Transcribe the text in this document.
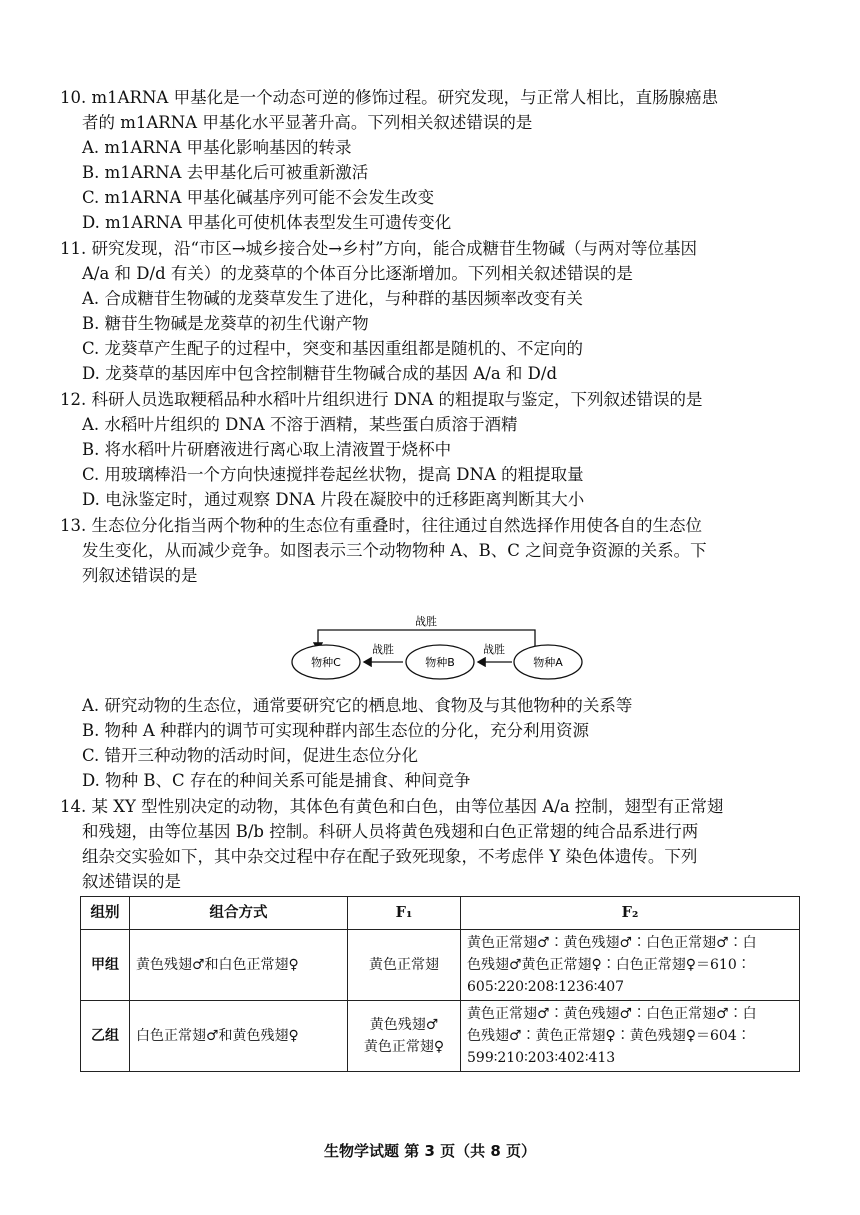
10. m1ARNA 甲基化是一个动态可逆的修饰过程。研究发现，与正常人相比，直肠腺癌患
者的 m1ARNA 甲基化水平显著升高。下列相关叙述错误的是
A. m1ARNA 甲基化影响基因的转录
B. m1ARNA 去甲基化后可被重新激活
C. m1ARNA 甲基化碱基序列可能不会发生改变
D. m1ARNA 甲基化可使机体表型发生可遗传变化
11. 研究发现，沿“市区→城乡接合处→乡村”方向，能合成糖苷生物碱（与两对等位基因
A/a 和 D/d 有关）的龙葵草的个体百分比逐渐增加。下列相关叙述错误的是
A. 合成糖苷生物碱的龙葵草发生了进化，与种群的基因频率改变有关
B. 糖苷生物碱是龙葵草的初生代谢产物
C. 龙葵草产生配子的过程中，突变和基因重组都是随机的、不定向的
D. 龙葵草的基因库中包含控制糖苷生物碱合成的基因 A/a 和 D/d
12. 科研人员选取粳稻品种水稻叶片组织进行 DNA 的粗提取与鉴定，下列叙述错误的是
A. 水稻叶片组织的 DNA 不溶于酒精，某些蛋白质溶于酒精
B. 将水稻叶片研磨液进行离心取上清液置于烧杯中
C. 用玻璃棒沿一个方向快速搅拌卷起丝状物，提高 DNA 的粗提取量
D. 电泳鉴定时，通过观察 DNA 片段在凝胶中的迁移距离判断其大小
13. 生态位分化指当两个物种的生态位有重叠时，往往通过自然选择作用使各自的生态位
发生变化，从而减少竞争。如图表示三个动物物种 A、B、C 之间竞争资源的关系。下
列叙述错误的是
战胜
物种C	物种B	物种A
战胜	战胜
A. 研究动物的生态位，通常要研究它的栖息地、食物及与其他物种的关系等
B. 物种 A 种群内的调节可实现种群内部生态位的分化，充分利用资源
C. 错开三种动物的活动时间，促进生态位分化
D. 物种 B、C 存在的种间关系可能是捕食、种间竞争
14. 某 XY 型性别决定的动物，其体色有黄色和白色，由等位基因 A/a 控制，翅型有正常翅
和残翅，由等位基因 B/b 控制。科研人员将黄色残翅和白色正常翅的纯合品系进行两
组杂交实验如下，其中杂交过程中存在配子致死现象，不考虑伴 Y 染色体遗传。下列
叙述错误的是
组别	组合方式	F₁	F₂
甲组	黄色残翅♂和白色正常翅♀	黄色正常翅	黄色正常翅♂∶黄色残翅♂∶白色正常翅♂∶白
色残翅♂黄色正常翅♀∶白色正常翅♀＝610∶
605∶220∶208∶1236∶407

乙组	白色正常翅♂和黄色残翅♀	黄色残翅♂
黄色正常翅♀	黄色正常翅♂∶黄色残翅♂∶白色正常翅♂∶白
色残翅♂∶黄色正常翅♀∶黄色残翅♀＝604∶
599∶210∶203∶402∶413
生物学试题 第 3 页（共 8 页）
